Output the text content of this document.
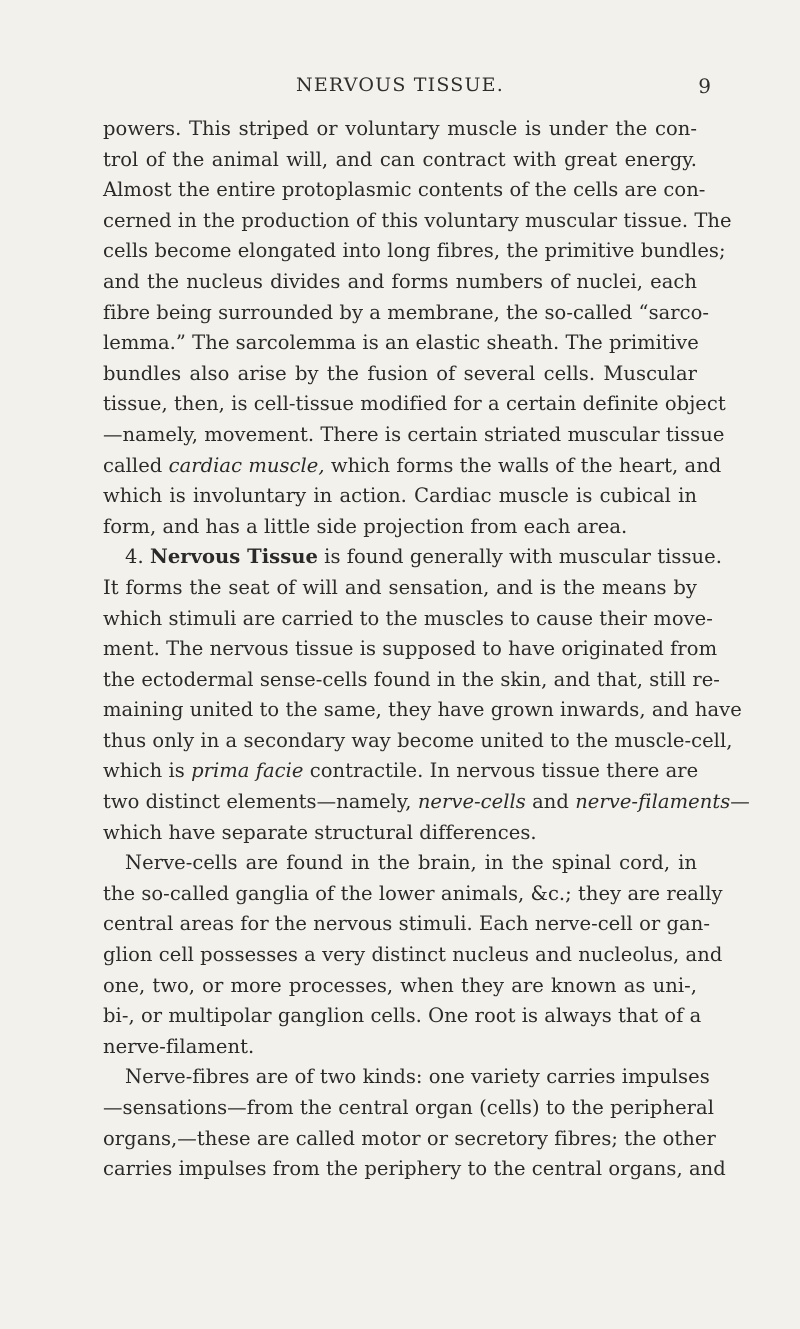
NERVOUS TISSUE.	9
powers. This striped or voluntary muscle is under the con-
trol of the animal will, and can contract with great energy.
Almost the entire protoplasmic contents of the cells are con-
cerned in the production of this voluntary muscular tissue. The
cells become elongated into long fibres, the primitive bundles;
and the nucleus divides and forms numbers of nuclei, each
fibre being surrounded by a membrane, the so-called “sarco-
lemma.” The sarcolemma is an elastic sheath. The primitive
bundles also arise by the fusion of several cells. Muscular
tissue, then, is cell-tissue modified for a certain definite object
—namely, movement. There is certain striated muscular tissue
called cardiac muscle, which forms the walls of the heart, and
which is involuntary in action. Cardiac muscle is cubical in
form, and has a little side projection from each area.
4. Nervous Tissue is found generally with muscular tissue.
It forms the seat of will and sensation, and is the means by
which stimuli are carried to the muscles to cause their move-
ment. The nervous tissue is supposed to have originated from
the ectodermal sense-cells found in the skin, and that, still re-
maining united to the same, they have grown inwards, and have
thus only in a secondary way become united to the muscle-cell,
which is prima facie contractile. In nervous tissue there are
two distinct elements—namely, nerve-cells and nerve-filaments—
which have separate structural differences.
Nerve-cells are found in the brain, in the spinal cord, in
the so-called ganglia of the lower animals, &c.; they are really
central areas for the nervous stimuli. Each nerve-cell or gan-
glion cell possesses a very distinct nucleus and nucleolus, and
one, two, or more processes, when they are known as uni-,
bi-, or multipolar ganglion cells. One root is always that of a
nerve-filament.
Nerve-fibres are of two kinds: one variety carries impulses
—sensations—from the central organ (cells) to the peripheral
organs,—these are called motor or secretory fibres; the other
carries impulses from the periphery to the central organs, and
